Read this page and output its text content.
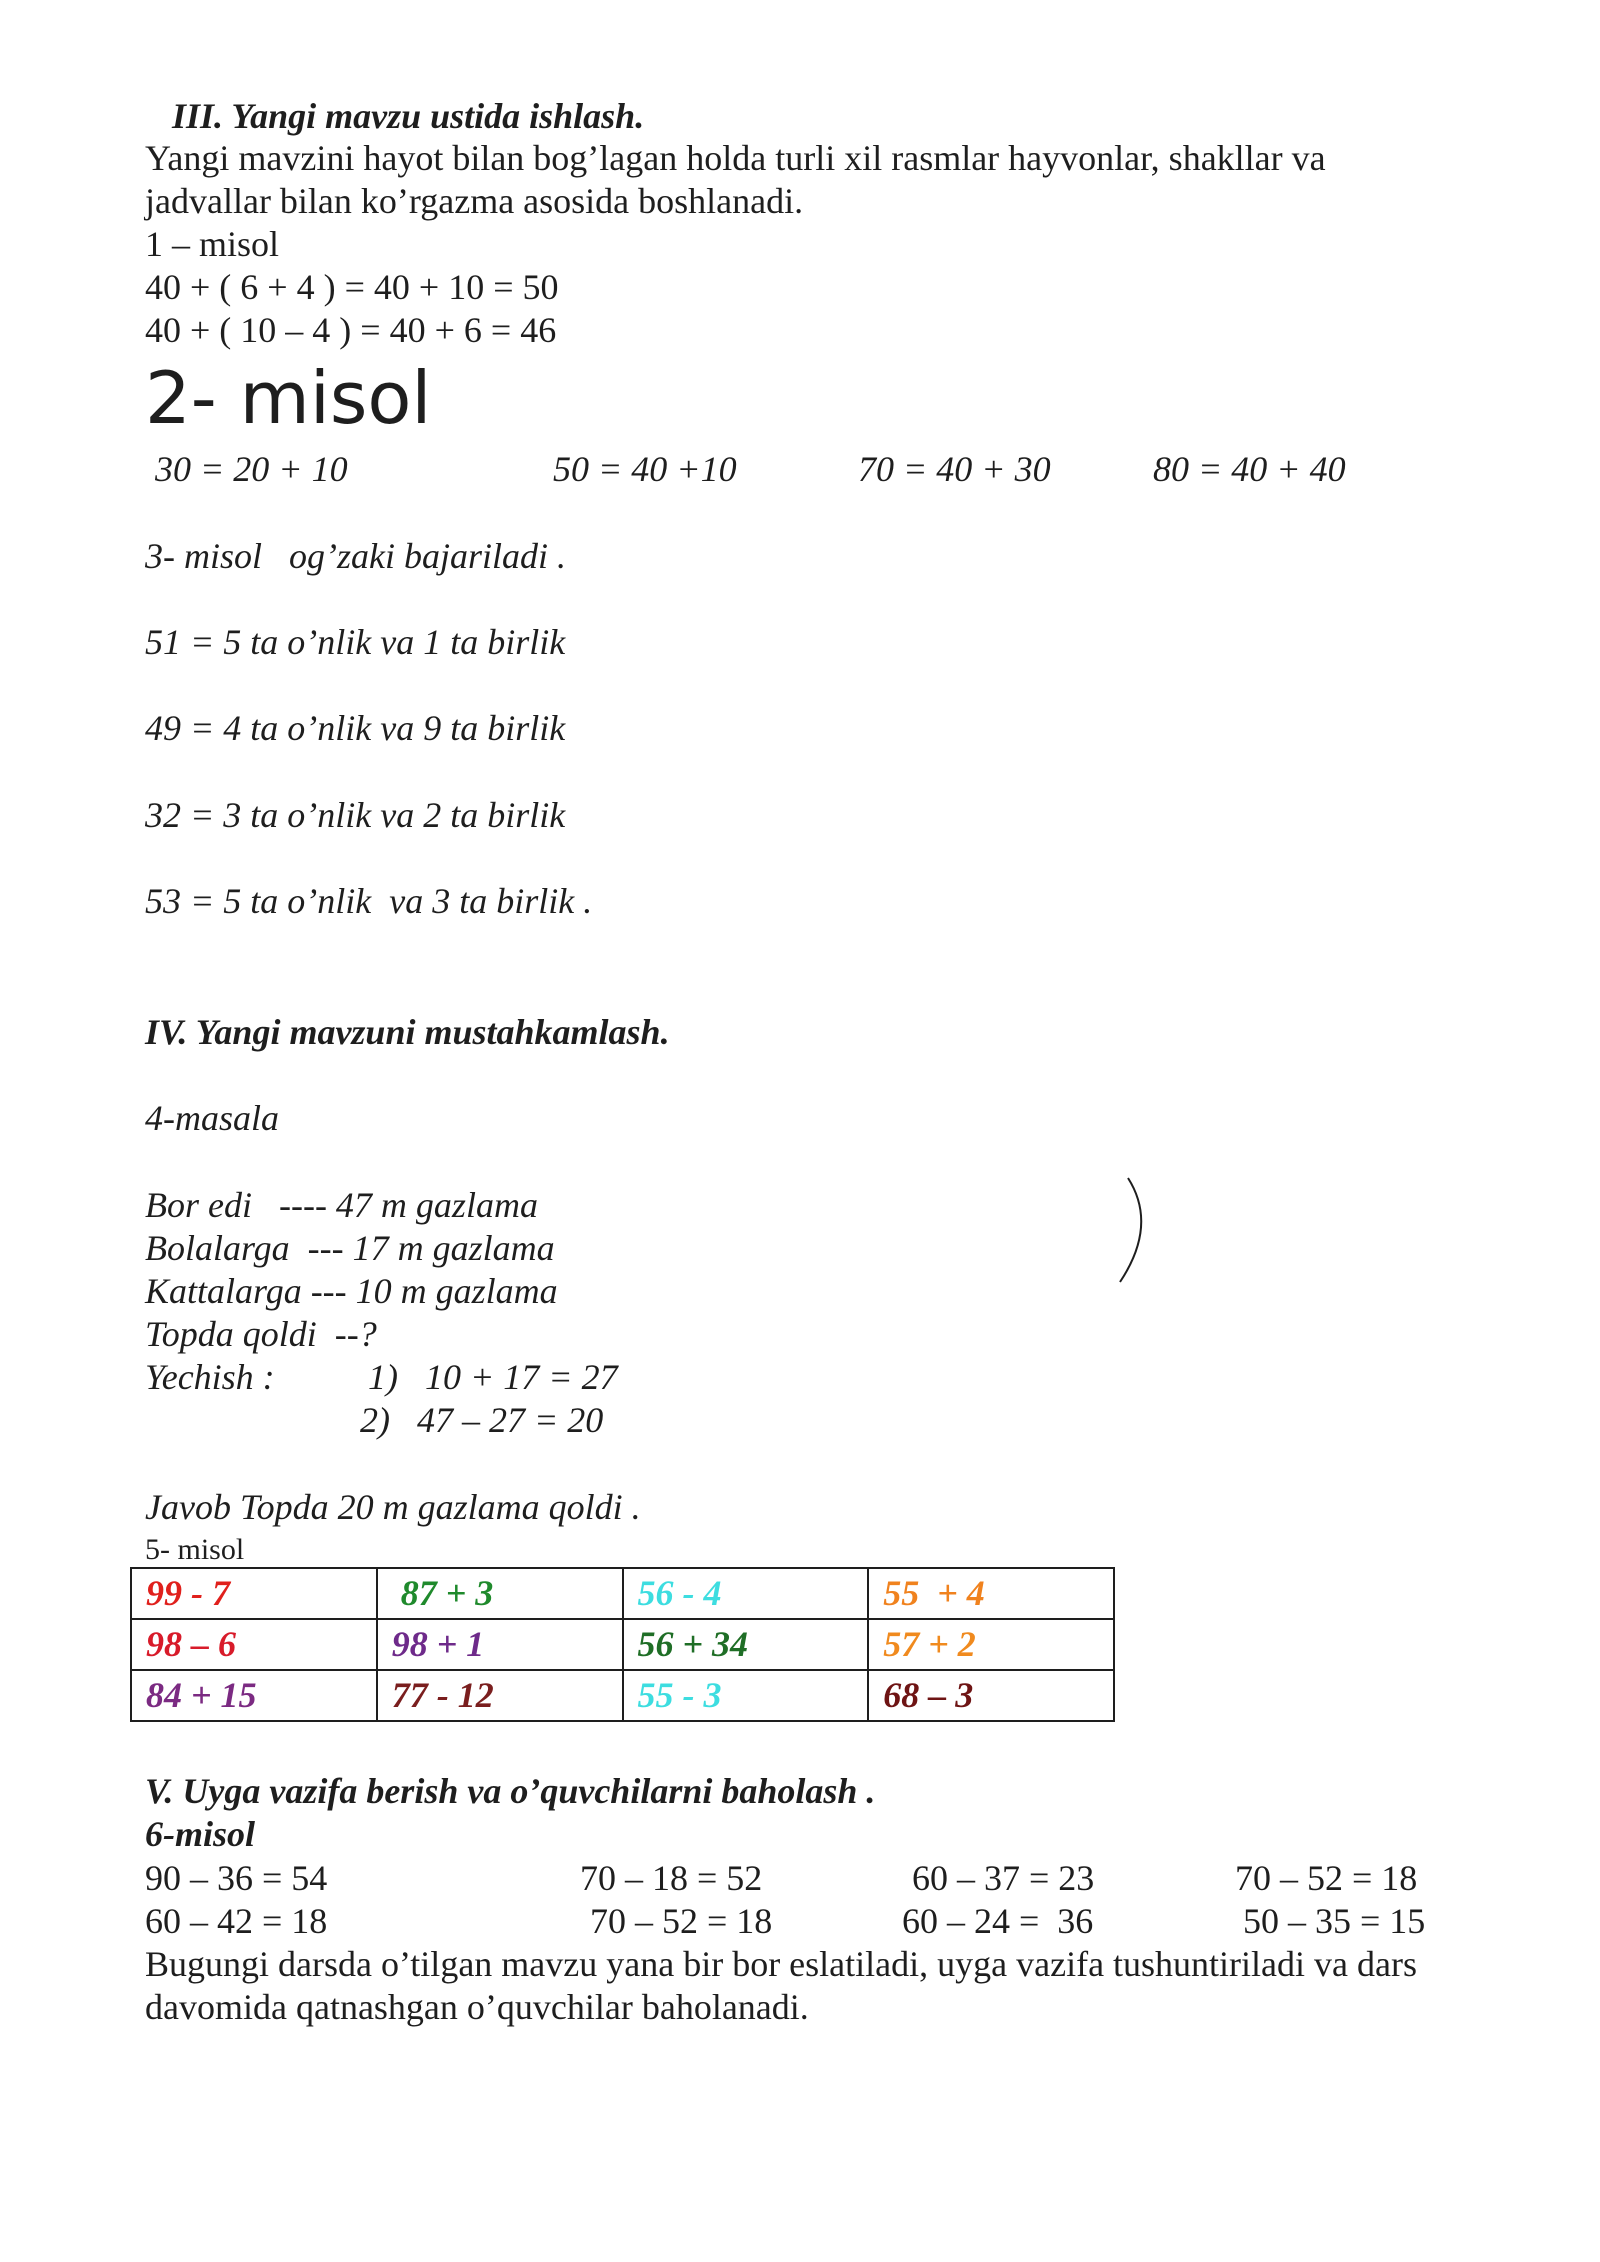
III. Yangi mavzu ustida ishlash.
Yangi mavzini hayot bilan bog’lagan holda turli xil rasmlar hayvonlar, shakllar va
jadvallar bilan ko’rgazma asosida boshlanadi.
1 – misol
40 + ( 6 + 4 ) = 40 + 10 = 50
40 + ( 10 – 4 ) = 40 + 6 = 46
2- misol
30 = 20 + 10	50 = 40 +10	70 = 40 + 30	80 = 40 + 40
3- misol   og’zaki bajariladi .
51 = 5 ta o’nlik va 1 ta birlik
49 = 4 ta o’nlik va 9 ta birlik
32 = 3 ta o’nlik va 2 ta birlik
53 = 5 ta o’nlik  va 3 ta birlik .
IV. Yangi mavzuni mustahkamlash.
4-masala
Bor edi   ---- 47 m gazlama
Bolalarga  --- 17 m gazlama
Kattalarga --- 10 m gazlama
Topda qoldi  --?
Yechish :	1)   10 + 17 = 27
2)   47 – 27 = 20
Javob Topda 20 m gazlama qoldi .
5- misol
99 - 7	87 + 3	56 - 4	55  + 4
98 – 6	98 + 1	56 + 34	57 + 2
84 + 15	77 - 12	55 - 3	68 – 3
V. Uyga vazifa berish va o’quvchilarni baholash .
6-misol
90 – 36 = 54	70 – 18 = 52	60 – 37 = 23	70 – 52 = 18
60 – 42 = 18	70 – 52 = 18	60 – 24 =  36	50 – 35 = 15
Bugungi darsda o’tilgan mavzu yana bir bor eslatiladi, uyga vazifa tushuntiriladi va dars
davomida qatnashgan o’quvchilar baholanadi.
